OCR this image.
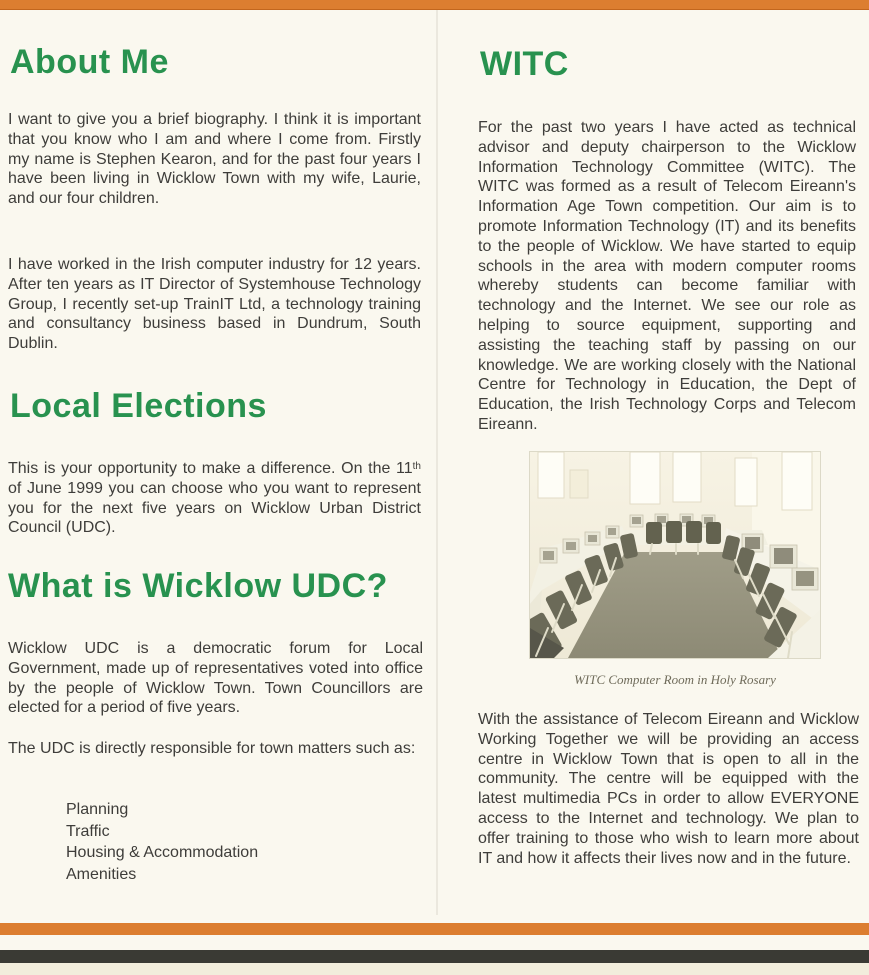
About Me

I want to give you a brief biography. I think it is important that you know who I am and where I come from. Firstly my name is Stephen Kearon, and for the past four years I have been living in Wicklow Town with my wife, Laurie, and our four children.

I have worked in the Irish computer industry for 12 years. After ten years as IT Director of Systemhouse Technology Group, I recently set-up TrainIT Ltd, a technology training and consultancy business based in Dundrum, South Dublin.

Local Elections

This is your opportunity to make a difference. On the 11th of June 1999 you can choose who you want to represent you for the next five years on Wicklow Urban District Council (UDC).

What is Wicklow UDC?

Wicklow UDC is a democratic forum for Local Government, made up of representatives voted into office by the people of Wicklow Town. Town Councillors are elected for a period of five years.

The UDC is directly responsible for town matters such as:

Planning
Traffic
Housing & Accommodation
Amenities
WITC

For the past two years I have acted as technical advisor and deputy chairperson to the Wicklow Information Technology Committee (WITC). The WITC was formed as a result of Telecom Eireann's Information Age Town competition. Our aim is to promote Information Technology (IT) and its benefits to the people of Wicklow. We have started to equip schools in the area with modern computer rooms whereby students can become familiar with technology and the Internet. We see our role as helping to source equipment, supporting and assisting the teaching staff by passing on our knowledge. We are working closely with the National Centre for Technology in Education, the Dept of Education, the Irish Technology Corps and Telecom Eireann.

WITC Computer Room in Holy Rosary

With the assistance of Telecom Eireann and Wicklow Working Together we will be providing an access centre in Wicklow Town that is open to all in the community. The centre will be equipped with the latest multimedia PCs in order to allow EVERYONE access to the Internet and technology. We plan to offer training to those who wish to learn more about IT and how it affects their lives now and in the future.
